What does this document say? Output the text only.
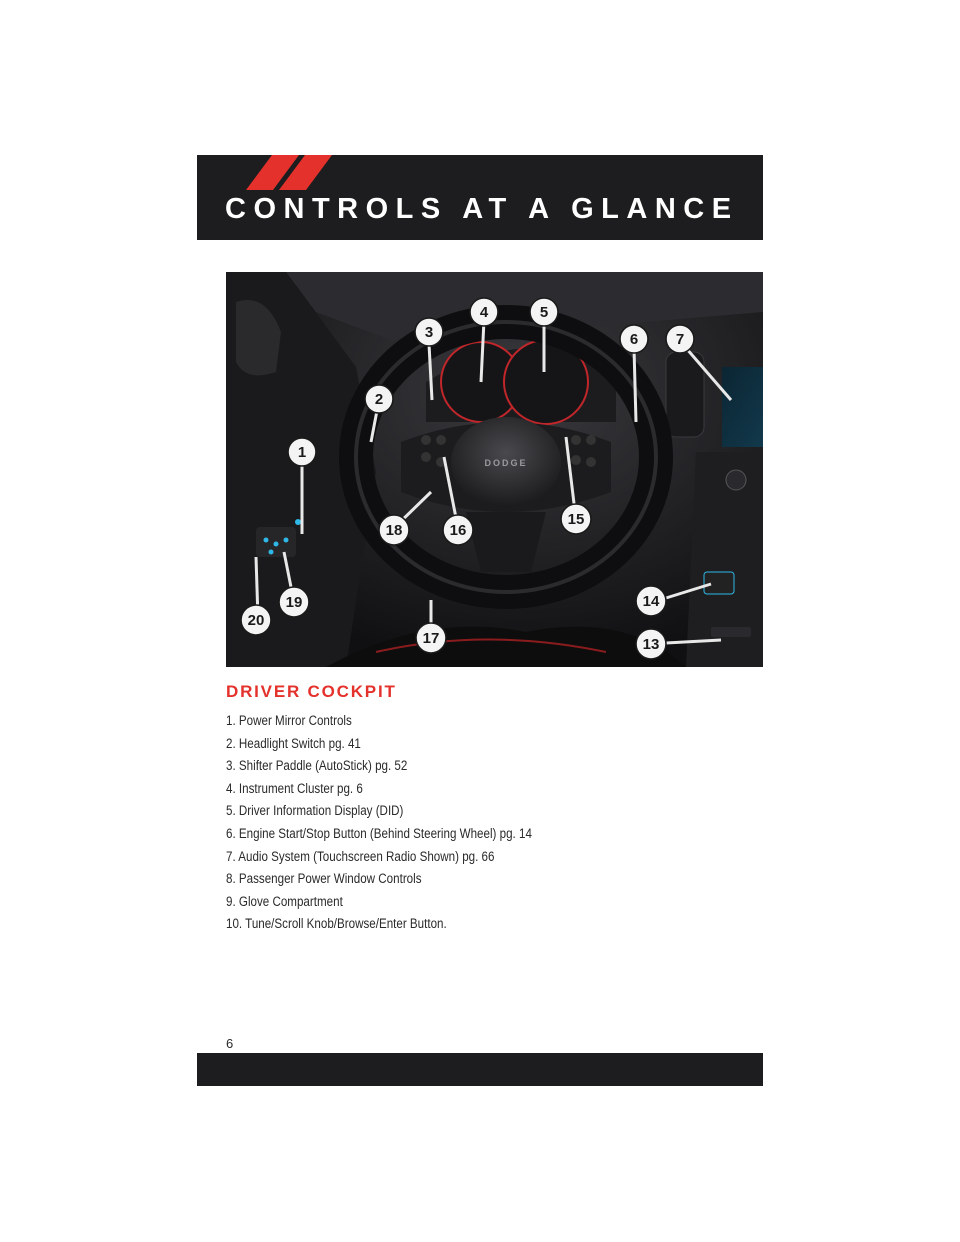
CONTROLS AT A GLANCE
DODGE
1
2
3
4	5
6	7
13
14
15
16
17
18
19
20
DRIVER COCKPIT
1. Power Mirror Controls
2. Headlight Switch pg. 41
3. Shifter Paddle (AutoStick) pg. 52
4. Instrument Cluster pg. 6
5. Driver Information Display (DID)
6. Engine Start/Stop Button (Behind Steering Wheel) pg. 14
7. Audio System (Touchscreen Radio Shown) pg. 66
8. Passenger Power Window Controls
9. Glove Compartment
10. Tune/Scroll Knob/Browse/Enter Button.
6
